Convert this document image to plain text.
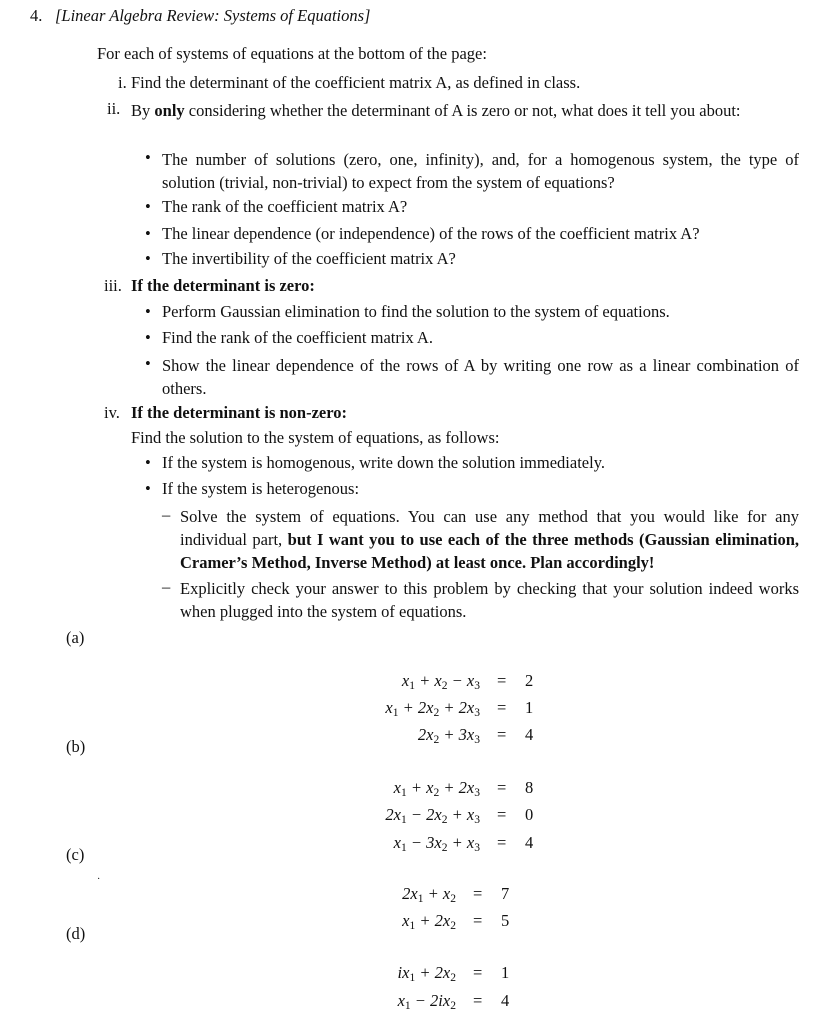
4. [Linear Algebra Review: Systems of Equations]
For each of systems of equations at the bottom of the page:
i. Find the determinant of the coefficient matrix A, as defined in class.
ii. By only considering whether the determinant of A is zero or not, what does it tell you about:
• The number of solutions (zero, one, infinity), and, for a homogenous system, the type of solution (trivial, non-trivial) to expect from the system of equations?
• The rank of the coefficient matrix A?
• The linear dependence (or independence) of the rows of the coefficient matrix A?
• The invertibility of the coefficient matrix A?
iii. If the determinant is zero:
• Perform Gaussian elimination to find the solution to the system of equations.
• Find the rank of the coefficient matrix A.
• Show the linear dependence of the rows of A by writing one row as a linear combination of others.
iv. If the determinant is non-zero:
Find the solution to the system of equations, as follows:
• If the system is homogenous, write down the solution immediately.
• If the system is heterogenous:
– Solve the system of equations. You can use any method that you would like for any individual part, but I want you to use each of the three methods (Gaussian elimination, Cramer’s Method, Inverse Method) at least once. Plan accordingly!
– Explicitly check your answer to this problem by checking that your solution indeed works when plugged into the system of equations.
(a)
(b)
(c)
(d)
·
$x_1 + x_2 - x_3 = 2$
$x_1 + 2x_2 + 2x_3 = 1$
$2x_2 + 3x_3 = 4$
$x_1 + x_2 + 2x_3 = 8$
$2x_1 - 2x_2 + x_3 = 0$
$x_1 - 3x_2 + x_3 = 4$
$2x_1 + x_2 = 7$
$x_1 + 2x_2 = 5$
$ix_1 + 2x_2 = 1$
$x_1 - 2ix_2 = 4$
